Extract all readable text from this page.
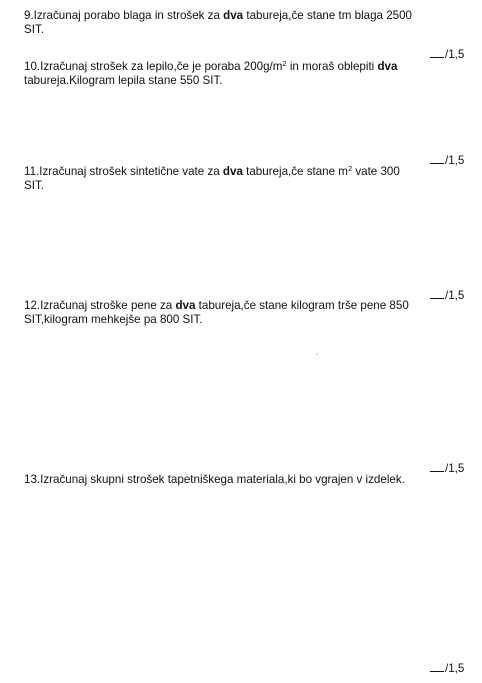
9.Izračunaj porabo blaga in strošek za dva tabureja,če stane tm blaga 2500 SIT.
/1,5
10.Izračunaj strošek za lepilo,če je poraba $200g/m^2$ in moraš oblepiti dva
tabureja.Kilogram lepila stane 550 SIT.
/1,5
11.Izračunaj strošek sintetične vate za dva tabureja,če stane $m^2$ vate 300 SIT.
/1,5
12.Izračunaj stroške pene za dva tabureja,če stane kilogram trše pene 850 SIT,kilogram mehkejše pa 800 SIT.
/1,5
13.Izračunaj skupni strošek tapetniškega materiala,ki bo vgrajen v izdelek.
/1,5
